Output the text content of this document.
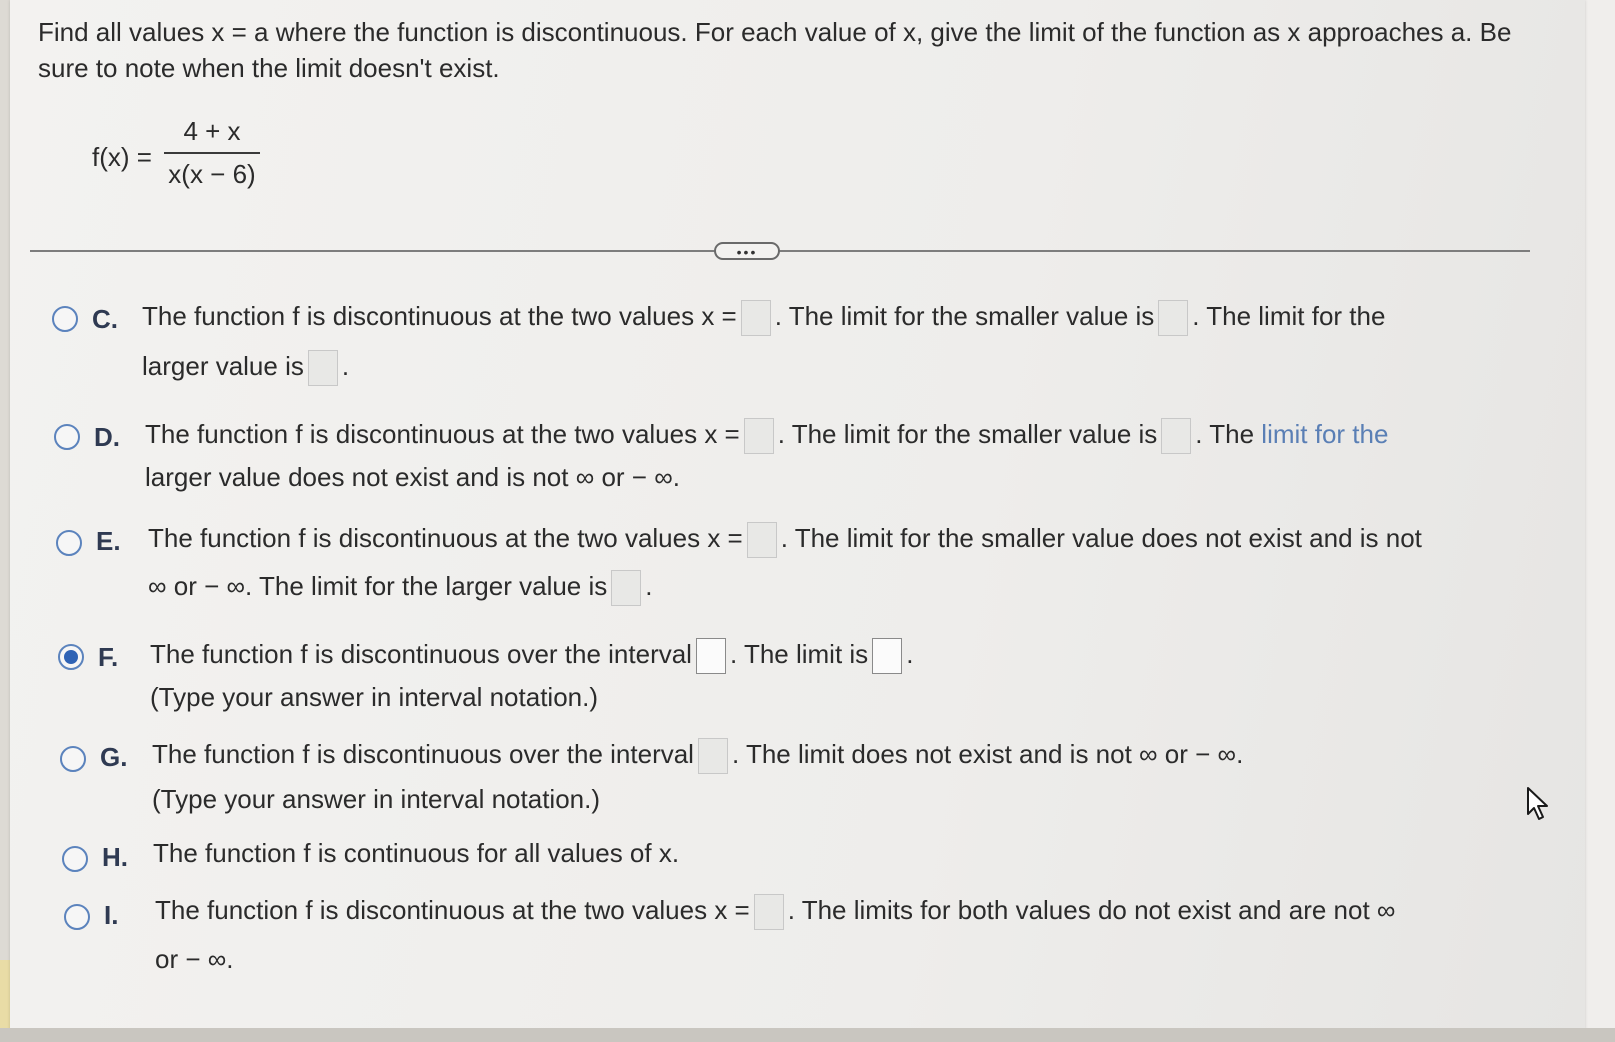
Find all values x = a where the function is discontinuous. For each value of x, give the limit of the function as x approaches a. Be sure to note when the limit doesn't exist.
f(x) =
4 + x
x(x − 6)
•••
C. The function f is discontinuous at the two values x = . The limit for the smaller value is . The limit for the
larger value is .
D. The function f is discontinuous at the two values x = . The limit for the smaller value is . The limit for the
larger value does not exist and is not ∞ or − ∞.
E. The function f is discontinuous at the two values x = . The limit for the smaller value does not exist and is not
∞ or − ∞. The limit for the larger value is .
F. The function f is discontinuous over the interval . The limit is .
(Type your answer in interval notation.)
G. The function f is discontinuous over the interval . The limit does not exist and is not ∞ or − ∞.
(Type your answer in interval notation.)
H. The function f is continuous for all values of x.
I. The function f is discontinuous at the two values x = . The limits for both values do not exist and are not ∞
or − ∞.
